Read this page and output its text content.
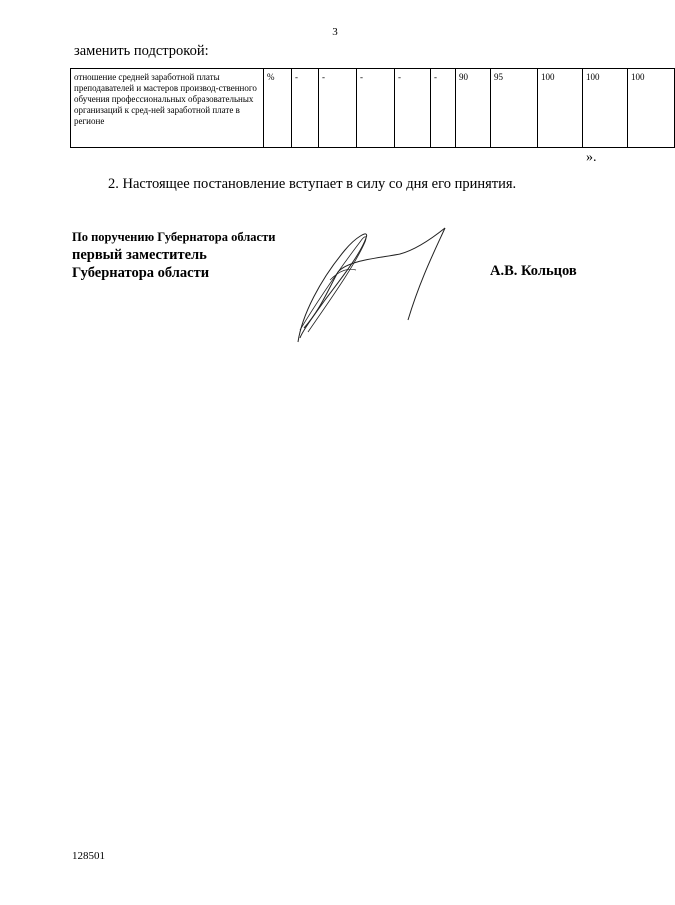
3
заменить подстрокой:
отношение средней заработной платы преподавателей и мастеров производ-ственного обучения профессиональных образовательных организаций к сред-ней заработной плате в регионе	%	-	-	-	-	-	90	95	100	100	100
».
2. Настоящее постановление вступает в силу со дня его принятия.
По поручению Губернатора области
первый заместитель
Губернатора области	А.В. Кольцов
128501
